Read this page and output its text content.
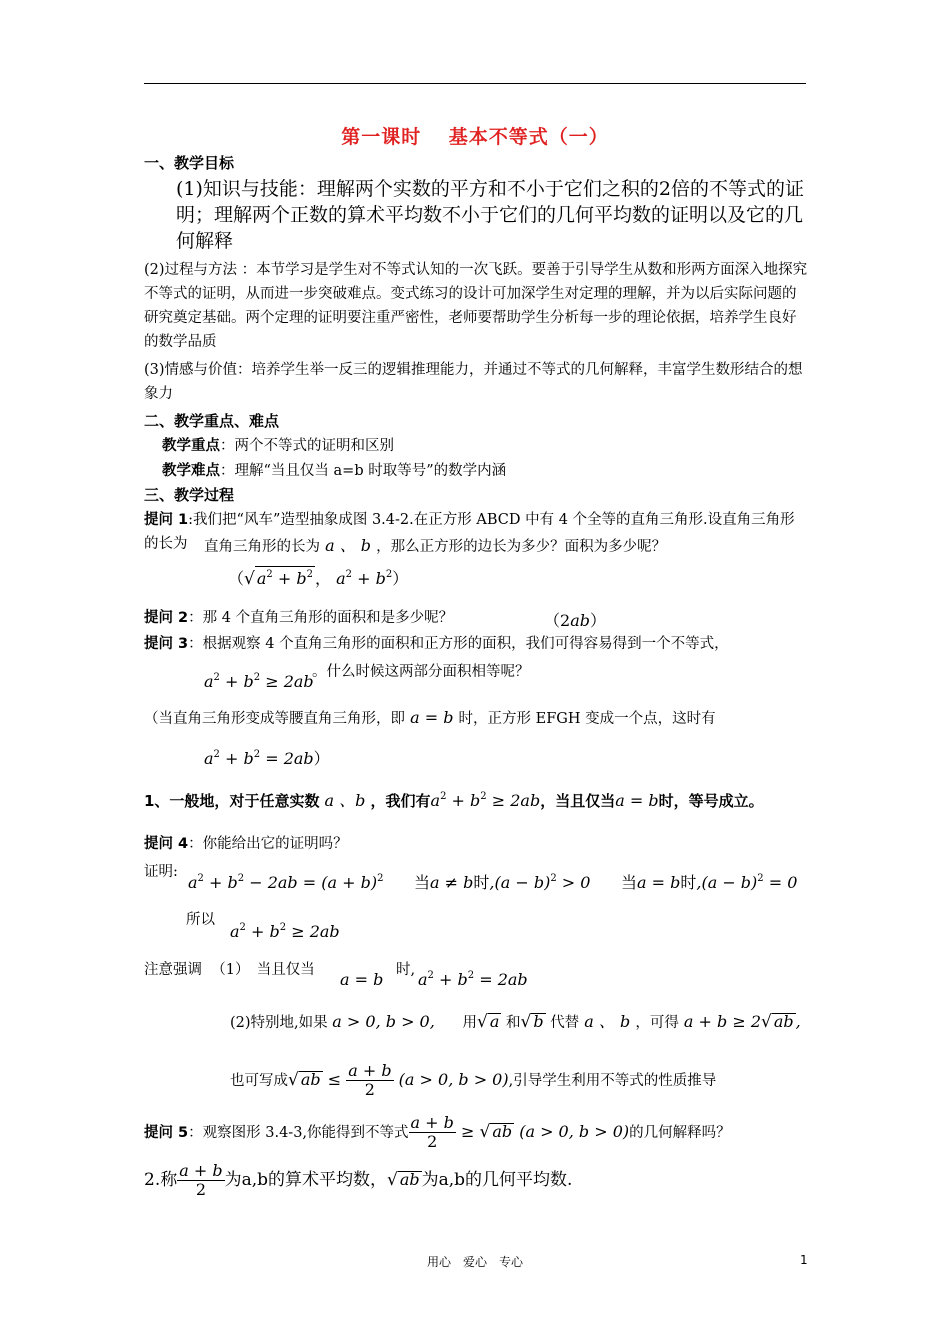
第一课时　 基本不等式（一）
一、教学目标
(1)知识与技能：理解两个实数的平方和不小于它们之积的2倍的不等式的证明；理解两个正数的算术平均数不小于它们的几何平均数的证明以及它的几何解释
(2)过程与方法 ：本节学习是学生对不等式认知的一次飞跃。要善于引导学生从数和形两方面深入地探究不等式的证明，从而进一步突破难点。变式练习的设计可加深学生对定理的理解，并为以后实际问题的研究奠定基础。两个定理的证明要注重严密性，老师要帮助学生分析每一步的理论依据，培养学生良好的数学品质
(3)情感与价值：培养学生举一反三的逻辑推理能力，并通过不等式的几何解释，丰富学生数形结合的想象力
二、教学重点、难点
教学重点：两个不等式的证明和区别
教学难点：理解“当且仅当 a=b 时取等号”的数学内涵
三、教学过程
提问 1:我们把“风车”造型抽象成图 3.4-2.在正方形 ABCD 中有 4 个全等的直角三角形.设直角三角形的长为	直角三角形的长为 a 、 b ，那么正方形的边长为多少？面积为多少呢？
（√ $a^2 + b^2$ ， $a^2 + b^2$）
提问 2：那 4 个直角三角形的面积和是多少呢？	（2ab）
提问 3：根据观察 4 个直角三角形的面积和正方形的面积，我们可得容易得到一个不等式，
$a^2 + b^2 \ge 2ab$
。什么时候这两部分面积相等呢？
（当直角三角形变成等腰直角三角形，即 a = b 时，正方形 EFGH 变成一个点，这时有
$a^2 + b^2 = 2ab$）
1、一般地，对于任意实数 a 、b ，我们有$a^2 + b^2 \ge 2ab$，当且仅当a = b时，等号成立。
提问 4：你能给出它的证明吗？
证明:
$a^2 + b^2 - 2ab = (a + b)^2$ 当a ≠ b时$,(a - b)^2 > 0$      当a = b时$,(a - b)^2 = 0$
所以
$a^2 + b^2 \ge 2ab$
注意强调 （1）　当且仅当 a = b 时, $a^2 + b^2 = 2ab$
(2)特别地,如果 a > 0, b > 0, 用√ a 和√ b 代替 a 、 b ，可得 a + b ≥ 2√ ab ,
也可写成√ ab ≤ $\frac{a + b}{2} (a > 0$, b > 0),引导学生利用不等式的性质推导
提问 5：观察图形 3.4-3,你能得到不等式 $\frac{a + b}{2}$ ≥ √ ab (a > 0, b > 0)的几何解释吗？
2.称 $\frac{a + b}{2}$ 为a,b的算术平均数，√ ab 为a,b的几何平均数.
用心　爱心　专心	1
